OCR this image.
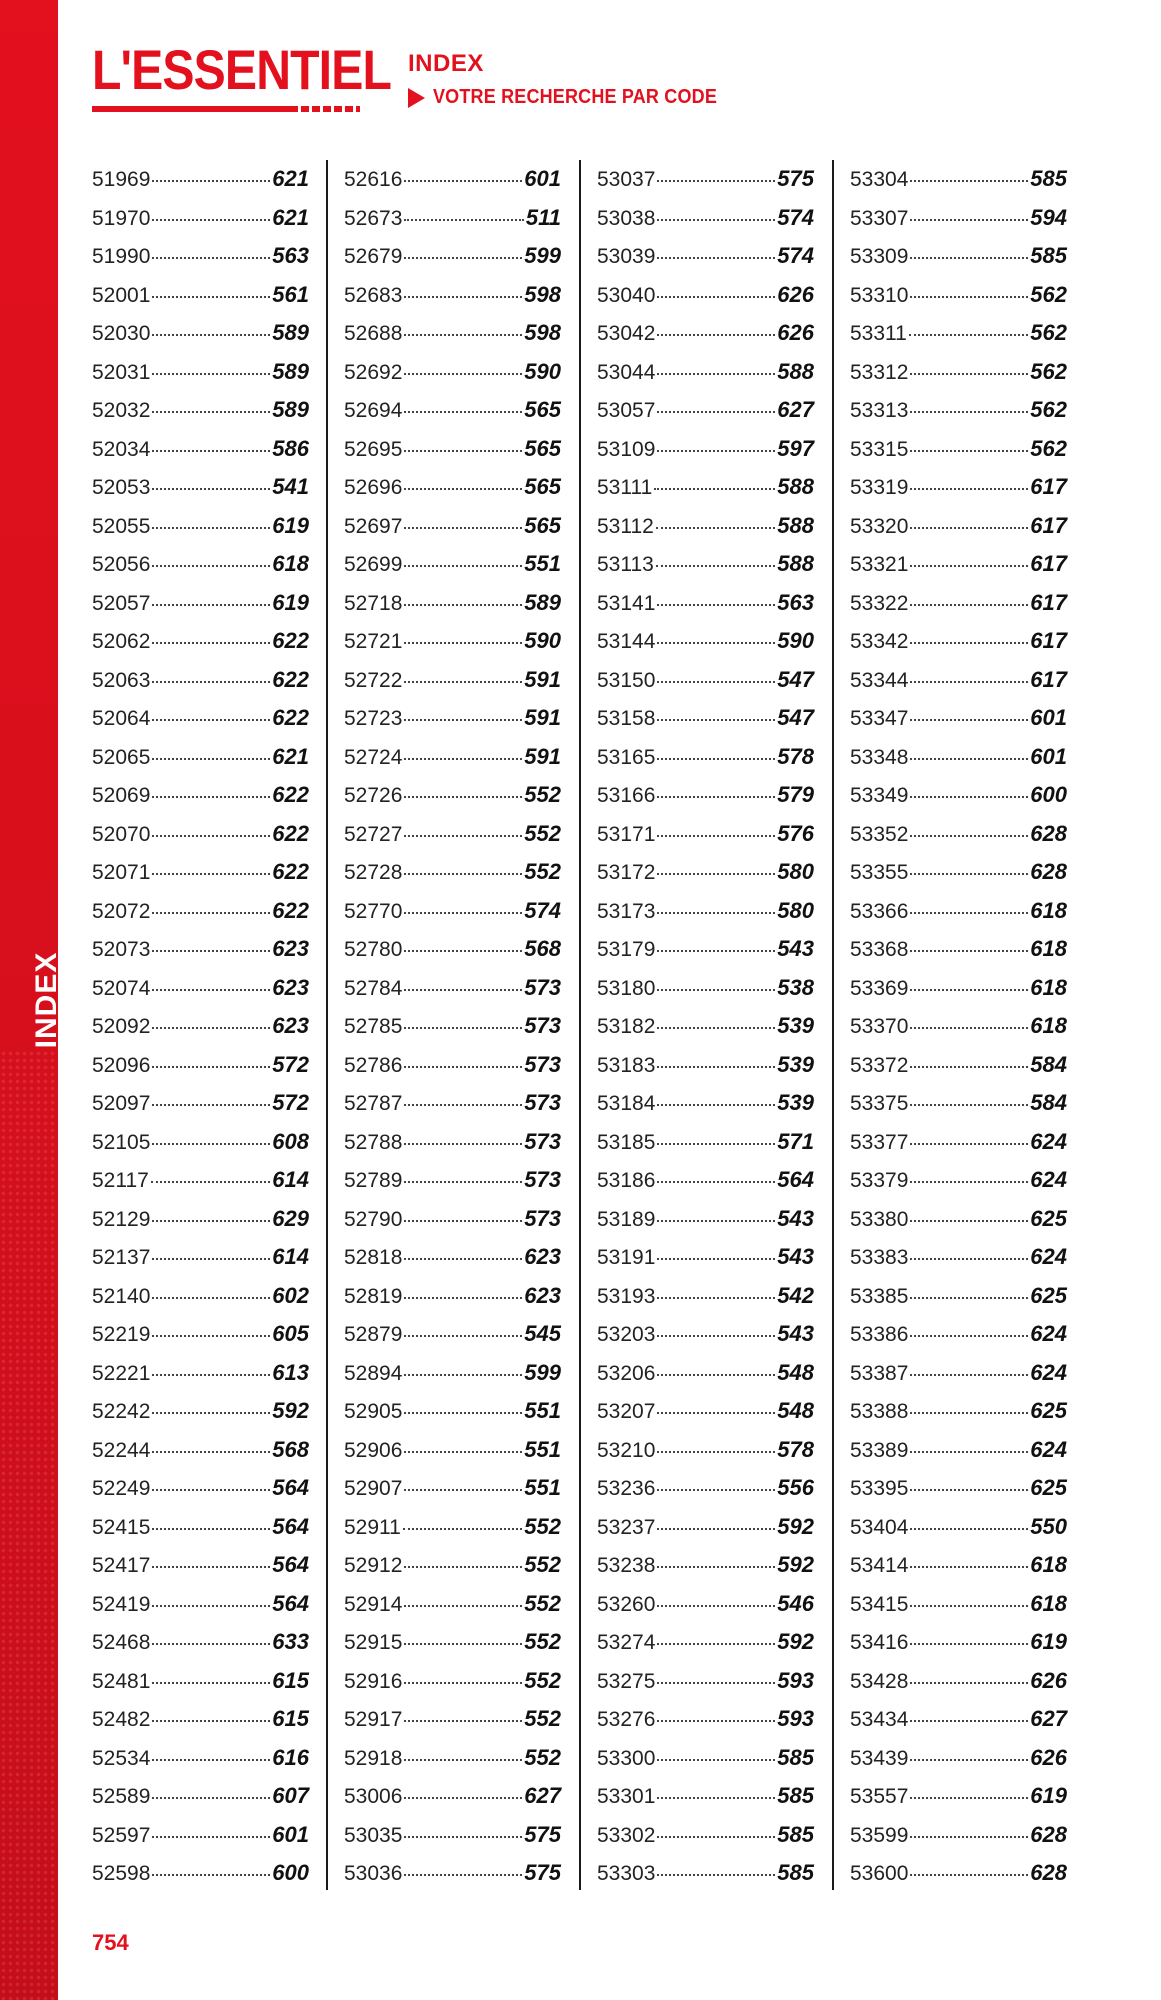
INDEX
L'ESSENTIEL INDEX
VOTRE RECHERCHE PAR CODE
51969	621
51970	621
51990	563
52001	561
52030	589
52031	589
52032	589
52034	586
52053	541
52055	619
52056	618
52057	619
52062	622
52063	622
52064	622
52065	621
52069	622
52070	622
52071	622
52072	622
52073	623
52074	623
52092	623
52096	572
52097	572
52105	608
52117	614
52129	629
52137	614
52140	602
52219	605
52221	613
52242	592
52244	568
52249	564
52415	564
52417	564
52419	564
52468	633
52481	615
52482	615
52534	616
52589	607
52597	601
52598	600
52616	601
52673	511
52679	599
52683	598
52688	598
52692	590
52694	565
52695	565
52696	565
52697	565
52699	551
52718	589
52721	590
52722	591
52723	591
52724	591
52726	552
52727	552
52728	552
52770	574
52780	568
52784	573
52785	573
52786	573
52787	573
52788	573
52789	573
52790	573
52818	623
52819	623
52879	545
52894	599
52905	551
52906	551
52907	551
52911	552
52912	552
52914	552
52915	552
52916	552
52917	552
52918	552
53006	627
53035	575
53036	575
53037	575
53038	574
53039	574
53040	626
53042	626
53044	588
53057	627
53109	597
53111	588
53112	588
53113	588
53141	563
53144	590
53150	547
53158	547
53165	578
53166	579
53171	576
53172	580
53173	580
53179	543
53180	538
53182	539
53183	539
53184	539
53185	571
53186	564
53189	543
53191	543
53193	542
53203	543
53206	548
53207	548
53210	578
53236	556
53237	592
53238	592
53260	546
53274	592
53275	593
53276	593
53300	585
53301	585
53302	585
53303	585
53304	585
53307	594
53309	585
53310	562
53311	562
53312	562
53313	562
53315	562
53319	617
53320	617
53321	617
53322	617
53342	617
53344	617
53347	601
53348	601
53349	600
53352	628
53355	628
53366	618
53368	618
53369	618
53370	618
53372	584
53375	584
53377	624
53379	624
53380	625
53383	624
53385	625
53386	624
53387	624
53388	625
53389	624
53395	625
53404	550
53414	618
53415	618
53416	619
53428	626
53434	627
53439	626
53557	619
53599	628
53600	628
754
